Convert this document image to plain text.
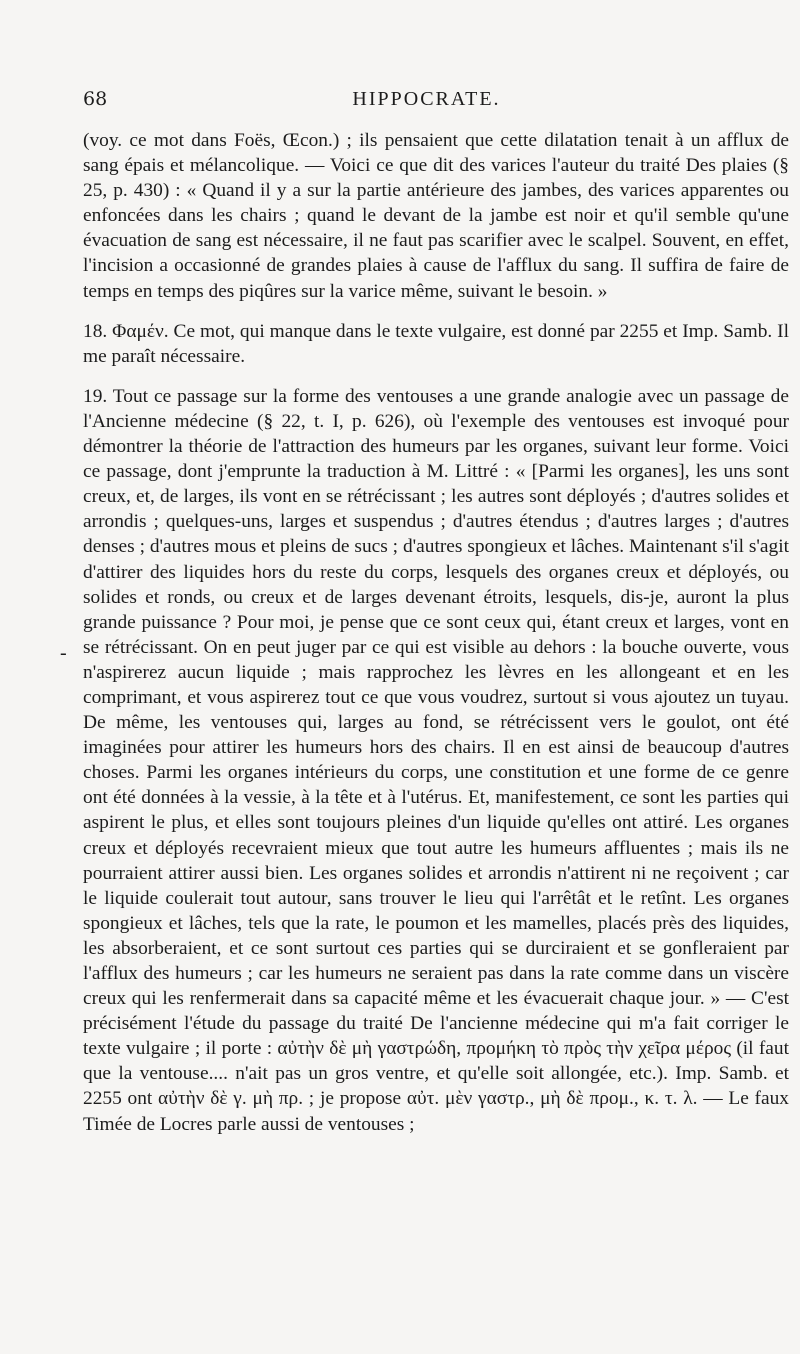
68	HIPPOCRATE.
-

(voy. ce mot dans Foës, Œcon.) ; ils pensaient que cette dilatation tenait à un afflux de sang épais et mélancolique. — Voici ce que dit des varices l'auteur du traité Des plaies (§ 25, p. 430) : « Quand il y a sur la partie antérieure des jambes, des varices apparentes ou enfoncées dans les chairs ; quand le devant de la jambe est noir et qu'il semble qu'une évacuation de sang est nécessaire, il ne faut pas scarifier avec le scalpel. Souvent, en effet, l'incision a occasionné de grandes plaies à cause de l'afflux du sang. Il suffira de faire de temps en temps des piqûres sur la varice même, suivant le besoin. »

18. Φαμέν. Ce mot, qui manque dans le texte vulgaire, est donné par 2255 et Imp. Samb. Il me paraît nécessaire.

19. Tout ce passage sur la forme des ventouses a une grande analogie avec un passage de l'Ancienne médecine (§ 22, t. I, p. 626), où l'exemple des ventouses est invoqué pour démontrer la théorie de l'attraction des humeurs par les organes, suivant leur forme. Voici ce passage, dont j'emprunte la traduction à M. Littré : « [Parmi les organes], les uns sont creux, et, de larges, ils vont en se rétrécissant ; les autres sont déployés ; d'autres solides et arrondis ; quelques-uns, larges et suspendus ; d'autres étendus ; d'autres larges ; d'autres denses ; d'autres mous et pleins de sucs ; d'autres spongieux et lâches. Maintenant s'il s'agit d'attirer des liquides hors du reste du corps, lesquels des organes creux et déployés, ou solides et ronds, ou creux et de larges devenant étroits, lesquels, dis-je, auront la plus grande puissance ? Pour moi, je pense que ce sont ceux qui, étant creux et larges, vont en se rétrécissant. On en peut juger par ce qui est visible au dehors : la bouche ouverte, vous n'aspirerez aucun liquide ; mais rapprochez les lèvres en les allongeant et en les comprimant, et vous aspirerez tout ce que vous voudrez, surtout si vous ajoutez un tuyau. De même, les ventouses qui, larges au fond, se rétrécissent vers le goulot, ont été imaginées pour attirer les humeurs hors des chairs. Il en est ainsi de beaucoup d'autres choses. Parmi les organes intérieurs du corps, une constitution et une forme de ce genre ont été données à la vessie, à la tête et à l'utérus. Et, manifestement, ce sont les parties qui aspirent le plus, et elles sont toujours pleines d'un liquide qu'elles ont attiré. Les organes creux et déployés recevraient mieux que tout autre les humeurs affluentes ; mais ils ne pourraient attirer aussi bien. Les organes solides et arrondis n'attirent ni ne reçoivent ; car le liquide coulerait tout autour, sans trouver le lieu qui l'arrêtât et le retînt. Les organes spongieux et lâches, tels que la rate, le poumon et les mamelles, placés près des liquides, les absorberaient, et ce sont surtout ces parties qui se durciraient et se gonfleraient par l'afflux des humeurs ; car les humeurs ne seraient pas dans la rate comme dans un viscère creux qui les renfermerait dans sa capacité même et les évacuerait chaque jour. » — C'est précisément l'étude du passage du traité De l'ancienne médecine qui m'a fait corriger le texte vulgaire ; il porte : αὐτὴν δὲ μὴ γαστρώδη, προμήκη τὸ πρὸς τὴν χεῖρα μέρος (il faut que la ventouse.... n'ait pas un gros ventre, et qu'elle soit allongée, etc.). Imp. Samb. et 2255 ont αὐτὴν δὲ γ. μὴ πρ. ; je propose αὐτ. μὲν γαστρ., μὴ δὲ προμ., κ. τ. λ. — Le faux Timée de Locres parle aussi de ventouses ;
